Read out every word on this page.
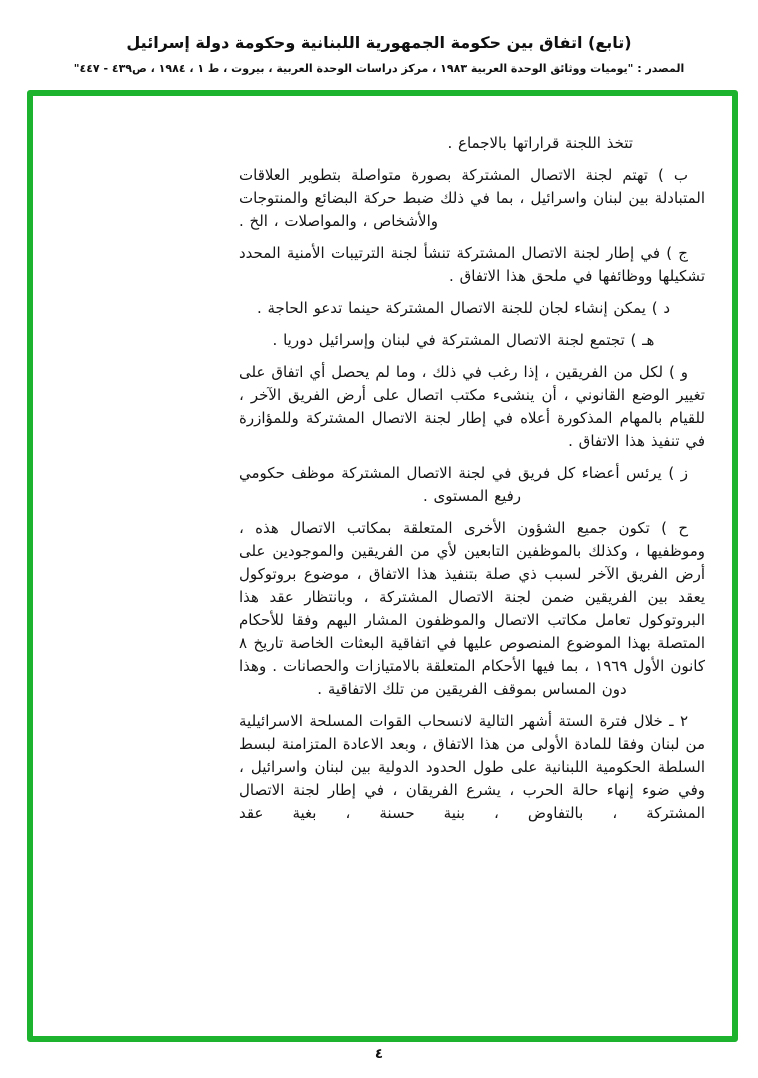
(تابع) اتفاق بين حكومة الجمهورية اللبنانية وحكومة دولة إسرائيل
المصدر : "يوميات ووثائق الوحدة العربية ١٩٨٣ ، مركز دراسات الوحدة العربية ، بيروت ، ط ١ ، ١٩٨٤ ، ص٤٣٩ - ٤٤٧"

تتخذ اللجنة قراراتها بالاجماع .

ب ) تهتم لجنة الاتصال المشتركة بصورة متواصلة بتطوير العلاقات المتبادلة بين لبنان واسرائيل ، بما في ذلك ضبط حركة البضائع والمنتوجات والأشخاص ، والمواصلات ، الخ .

ج ) في إطار لجنة الاتصال المشتركة تنشأ لجنة الترتيبات الأمنية المحدد تشكيلها ووظائفها في ملحق هذا الاتفاق .

د ) يمكن إنشاء لجان للجنة الاتصال المشتركة حينما تدعو الحاجة .

هـ ) تجتمع لجنة الاتصال المشتركة في لبنان وإسرائيل دوريا .

و ) لكل من الفريقين ، إذا رغب في ذلك ، وما لم يحصل أي اتفاق على تغيير الوضع القانوني ، أن ينشىء مكتب اتصال على أرض الفريق الآخر ، للقيام بالمهام المذكورة أعلاه في إطار لجنة الاتصال المشتركة وللمؤازرة في تنفيذ هذا الاتفاق .

ز ) يرئس أعضاء كل فريق في لجنة الاتصال المشتركة موظف حكومي رفيع المستوى .

ح ) تكون جميع الشؤون الأخرى المتعلقة بمكاتب الاتصال هذه ، وموظفيها ، وكذلك بالموظفين التابعين لأي من الفريقين والموجودين على أرض الفريق الآخر لسبب ذي صلة بتنفيذ هذا الاتفاق ، موضوع بروتوكول يعقد بين الفريقين ضمن لجنة الاتصال المشتركة ، وبانتظار عقد هذا البروتوكول تعامل مكاتب الاتصال والموظفون المشار اليهم وفقا للأحكام المتصلة بهذا الموضوع المنصوص عليها في اتفاقية البعثات الخاصة تاريخ ٨ كانون الأول ١٩٦٩ ، بما فيها الأحكام المتعلقة بالامتيازات والحصانات . وهذا دون المساس بموقف الفريقين من تلك الاتفاقية .

٢ ـ خلال فترة الستة أشهر التالية لانسحاب القوات المسلحة الاسرائيلية من لبنان وفقا للمادة الأولى من هذا الاتفاق ، وبعد الاعادة المتزامنة لبسط السلطة الحكومية اللبنانية على طول الحدود الدولية بين لبنان واسرائيل ، وفي ضوء إنهاء حالة الحرب ، يشرع الفريقان ، في إطار لجنة الاتصال المشتركة ، بالتفاوض ، بنية حسنة ، بغية عقد

٤
